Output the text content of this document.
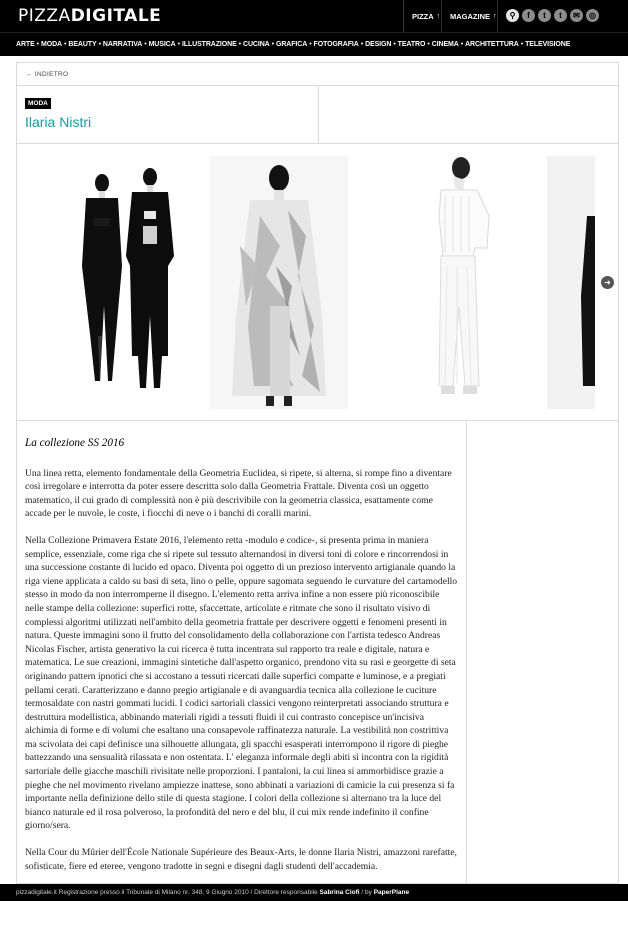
PIZZADIGITALE	PIZZA ↑ MAGAZINE ↑	⚲	f	t	t	✉	◎
ARTE • MODA • BEAUTY • NARRATIVA • MUSICA • ILLUSTRAZIONE • CUCINA • GRAFICA • FOTOGRAFIA • DESIGN • TEATRO • CINEMA • ARCHITETTURA • TELEVISIONE
← INDIETRO
MODA
Ilaria Nistri
➜
La collezione SS 2016

Una linea retta, elemento fondamentale della Geometria Euclidea, si ripete, si alterna, si rompe fino a diventare così irregolare e interrotta da poter essere descritta solo dalla Geometria Frattale. Diventa così un oggetto matematico, il cui grado di complessità non è più descrivibile con la geometria classica, esattamente come accade per le nuvole, le coste, i fiocchi di neve o i banchi di coralli marini.

Nella Collezione Primavera Estate 2016, l'elemento retta -modulo e codice-, si presenta prima in maniera semplice, essenziale, come riga che si ripete sul tessuto alternandosi in diversi toni di colore e rincorrendosi in una successione costante di lucido ed opaco. Diventa poi oggetto di un prezioso intervento artigianale quando la riga viene applicata a caldo su basi di seta, lino o pelle, oppure sagomata seguendo le curvature del cartamodello stesso in modo da non interromperne il disegno. L'elemento retta arriva infine a non essere più riconoscibile nelle stampe della collezione: superfici rotte, sfaccettate, articolate e ritmate che sono il risultato visivo di complessi algoritmi utilizzati nell'ambito della geometria frattale per descrivere oggetti e fenomeni presenti in natura. Queste immagini sono il frutto del consolidamento della collaborazione con l'artista tedesco Andreas Nicolas Fischer, artista generativo la cui ricerca è tutta incentrata sul rapporto tra reale e digitale, natura e matematica. Le sue creazioni, immagini sintetiche dall'aspetto organico, prendono vita su rasi e georgette di seta originando pattern ipnotici che si accostano a tessuti ricercati dalle superfici compatte e luminose, e a pregiati pellami cerati. Caratterizzano e danno pregio artigianale e di avanguardia tecnica alla collezione le cuciture termosaldate con nastri gommati lucidi. I codici sartoriali classici vengono reinterpretati associando struttura e destruttura modellistica, abbinando materiali rigidi a tessuti fluidi il cui contrasto concepisce un'incisiva alchimia di forme e di volumi che esaltano una consapevole raffinatezza naturale. La vestibilità non costrittiva ma scivolata dei capi definisce una silhouette allungata, gli spacchi esasperati interrompono il rigore di pieghe battezzando una sensualità rilassata e non ostentata. L' eleganza informale degli abiti si incontra con la rigidità sartoriale delle giacche maschili rivisitate nelle proporzioni. I pantaloni, la cui linea si ammorbidisce grazie a pieghe che nel movimento rivelano ampiezze inattese, sono abbinati a variazioni di camicie la cui presenza si fa importante nella definizione dello stile di questa stagione. I colori della collezione si alternano tra la luce del bianco naturale ed il rosa polveroso, la profondità del nero e del blu, il cui mix rende indefinito il confine giorno/sera.

Nella Cour du Mûrier dell'École Nationale Supérieure des Beaux-Arts, le donne Ilaria Nistri, amazzoni rarefatte, sofisticate, fiere ed eteree, vengono tradotte in segni e disegni dagli studenti dell'accademia.

pizzadigitale.it Registrazione presso il Tribunale di Milano nr. 348, 9 Giugno 2010 / Direttore responsabile Sabrina Ciofi / by PaperPlane
